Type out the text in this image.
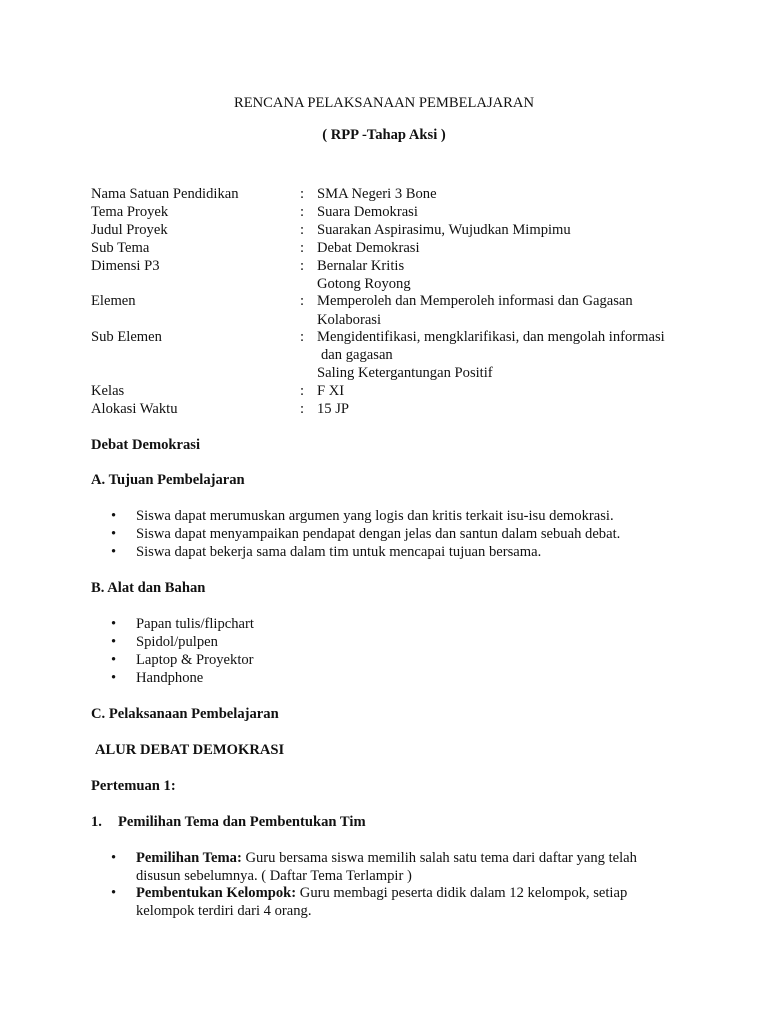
RENCANA PELAKSANAAN PEMBELAJARAN
( RPP -Tahap Aksi )
Nama Satuan Pendidikan	: SMA Negeri 3 Bone
Tema Proyek	: Suara Demokrasi
Judul Proyek	: Suarakan Aspirasimu, Wujudkan Mimpimu
Sub Tema	: Debat Demokrasi
Dimensi P3	: Bernalar Kritis
Gotong Royong
Elemen	: Memperoleh dan Memperoleh informasi dan Gagasan
Kolaborasi
Sub Elemen	: Mengidentifikasi, mengklarifikasi, dan mengolah informasi
dan gagasan
Saling Ketergantungan Positif
Kelas	: F XI
Alokasi Waktu	: 15 JP
Debat Demokrasi
A. Tujuan Pembelajaran
• Siswa dapat merumuskan argumen yang logis dan kritis terkait isu-isu demokrasi.
• Siswa dapat menyampaikan pendapat dengan jelas dan santun dalam sebuah debat.
• Siswa dapat bekerja sama dalam tim untuk mencapai tujuan bersama.
B. Alat dan Bahan
• Papan tulis/flipchart
• Spidol/pulpen
• Laptop & Proyektor
• Handphone
C. Pelaksanaan Pembelajaran
ALUR DEBAT DEMOKRASI
Pertemuan 1:
1. Pemilihan Tema dan Pembentukan Tim
• Pemilihan Tema: Guru bersama siswa memilih salah satu tema dari daftar yang telah
disusun sebelumnya. ( Daftar Tema Terlampir )
• Pembentukan Kelompok: Guru membagi peserta didik dalam 12 kelompok, setiap
kelompok terdiri dari 4 orang.
